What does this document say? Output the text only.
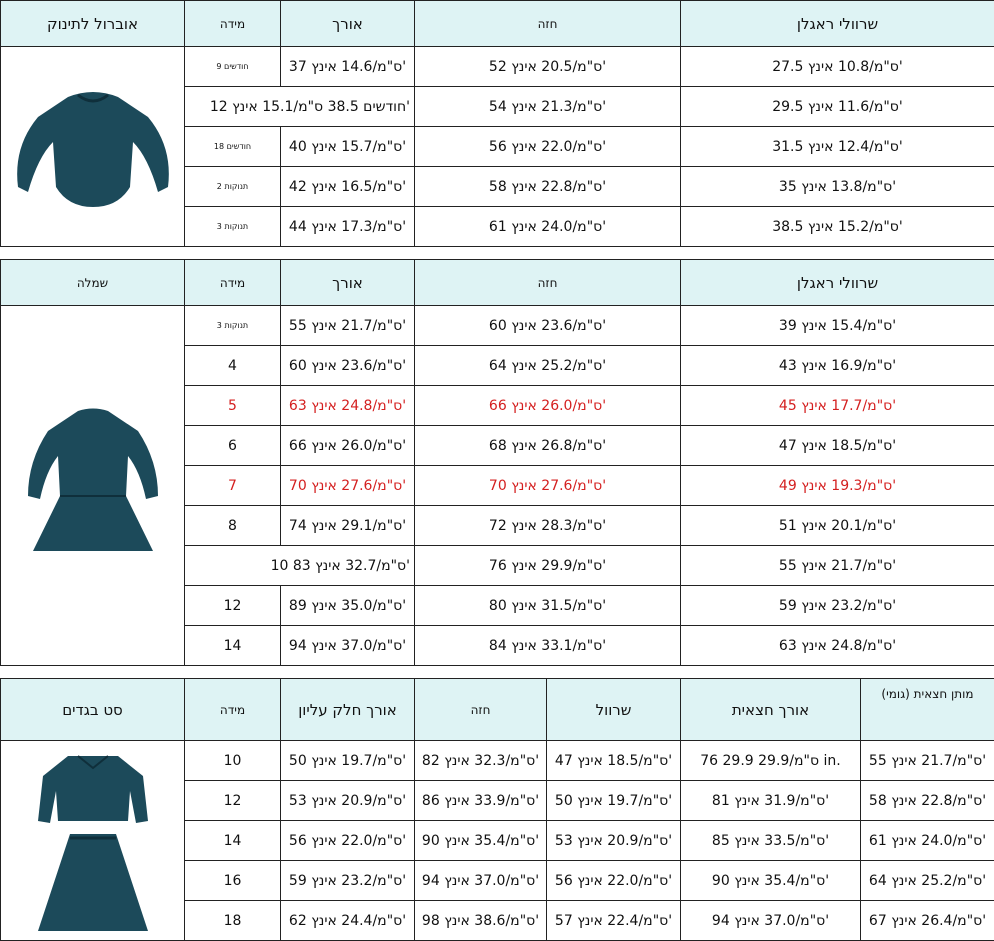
אוברול לתינוק	מידה	אורך	חזה	שרוולי ראגלן

	9 חודשים	37 ס"מ/14.6 אינץ'	52 ס"מ/20.5 אינץ'	27.5 ס"מ/10.8 אינץ'
	12 חודשים 38.5 ס"מ/15.1 אינץ'		54 ס"מ/21.3 אינץ'	29.5 ס"מ/11.6 אינץ'
	18 חודשים	40 ס"מ/15.7 אינץ'	56 ס"מ/22.0 אינץ'	31.5 ס"מ/12.4 אינץ'
	2 תנוקות	42 ס"מ/16.5 אינץ'	58 ס"מ/22.8 אינץ'	35 ס"מ/13.8 אינץ'
	3 תנוקות	44 ס"מ/17.3 אינץ'	61 ס"מ/24.0 אינץ'	38.5 ס"מ/15.2 אינץ'
שמלה	מידה	אורך	חזה	שרוולי ראגלן

	3 תנוקות	55 ס"מ/21.7 אינץ'	60 ס"מ/23.6 אינץ'	39 ס"מ/15.4 אינץ'
	4	60 ס"מ/23.6 אינץ'	64 ס"מ/25.2 אינץ'	43 ס"מ/16.9 אינץ'
	5	63 ס"מ/24.8 אינץ'	66 ס"מ/26.0 אינץ'	45 ס"מ/17.7 אינץ'
	6	66 ס"מ/26.0 אינץ'	68 ס"מ/26.8 אינץ'	47 ס"מ/18.5 אינץ'
	7	70 ס"מ/27.6 אינץ'	70 ס"מ/27.6 אינץ'	49 ס"מ/19.3 אינץ'
	8	74 ס"מ/29.1 אינץ'	72 ס"מ/28.3 אינץ'	51 ס"מ/20.1 אינץ'
	10 83 ס"מ/32.7 אינץ'		76 ס"מ/29.9 אינץ'	55 ס"מ/21.7 אינץ'
	12	89 ס"מ/35.0 אינץ'	80 ס"מ/31.5 אינץ'	59 ס"מ/23.2 אינץ'
	14	94 ס"מ/37.0 אינץ'	84 ס"מ/33.1 אינץ'	63 ס"מ/24.8 אינץ'
סט בגדים	מידה	אורך חלק עליון	חזה	שרוול	אורך חצאית	מותן חצאית (גומי)

	10	50 ס"מ/19.7 אינץ'	82 ס"מ/32.3 אינץ'	47 ס"מ/18.5 אינץ'	76 ס"מ/29.9 29.9 in.	55 ס"מ/21.7 אינץ'
	12	53 ס"מ/20.9 אינץ'	86 ס"מ/33.9 אינץ'	50 ס"מ/19.7 אינץ'	81 ס"מ/31.9 אינץ'	58 ס"מ/22.8 אינץ'
	14	56 ס"מ/22.0 אינץ'	90 ס"מ/35.4 אינץ'	53 ס"מ/20.9 אינץ'	85 ס"מ/33.5 אינץ'	61 ס"מ/24.0 אינץ'
	16	59 ס"מ/23.2 אינץ'	94 ס"מ/37.0 אינץ'	56 ס"מ/22.0 אינץ'	90 ס"מ/35.4 אינץ'	64 ס"מ/25.2 אינץ'
	18	62 ס"מ/24.4 אינץ'	98 ס"מ/38.6 אינץ'	57 ס"מ/22.4 אינץ'	94 ס"מ/37.0 אינץ'	67 ס"מ/26.4 אינץ'
